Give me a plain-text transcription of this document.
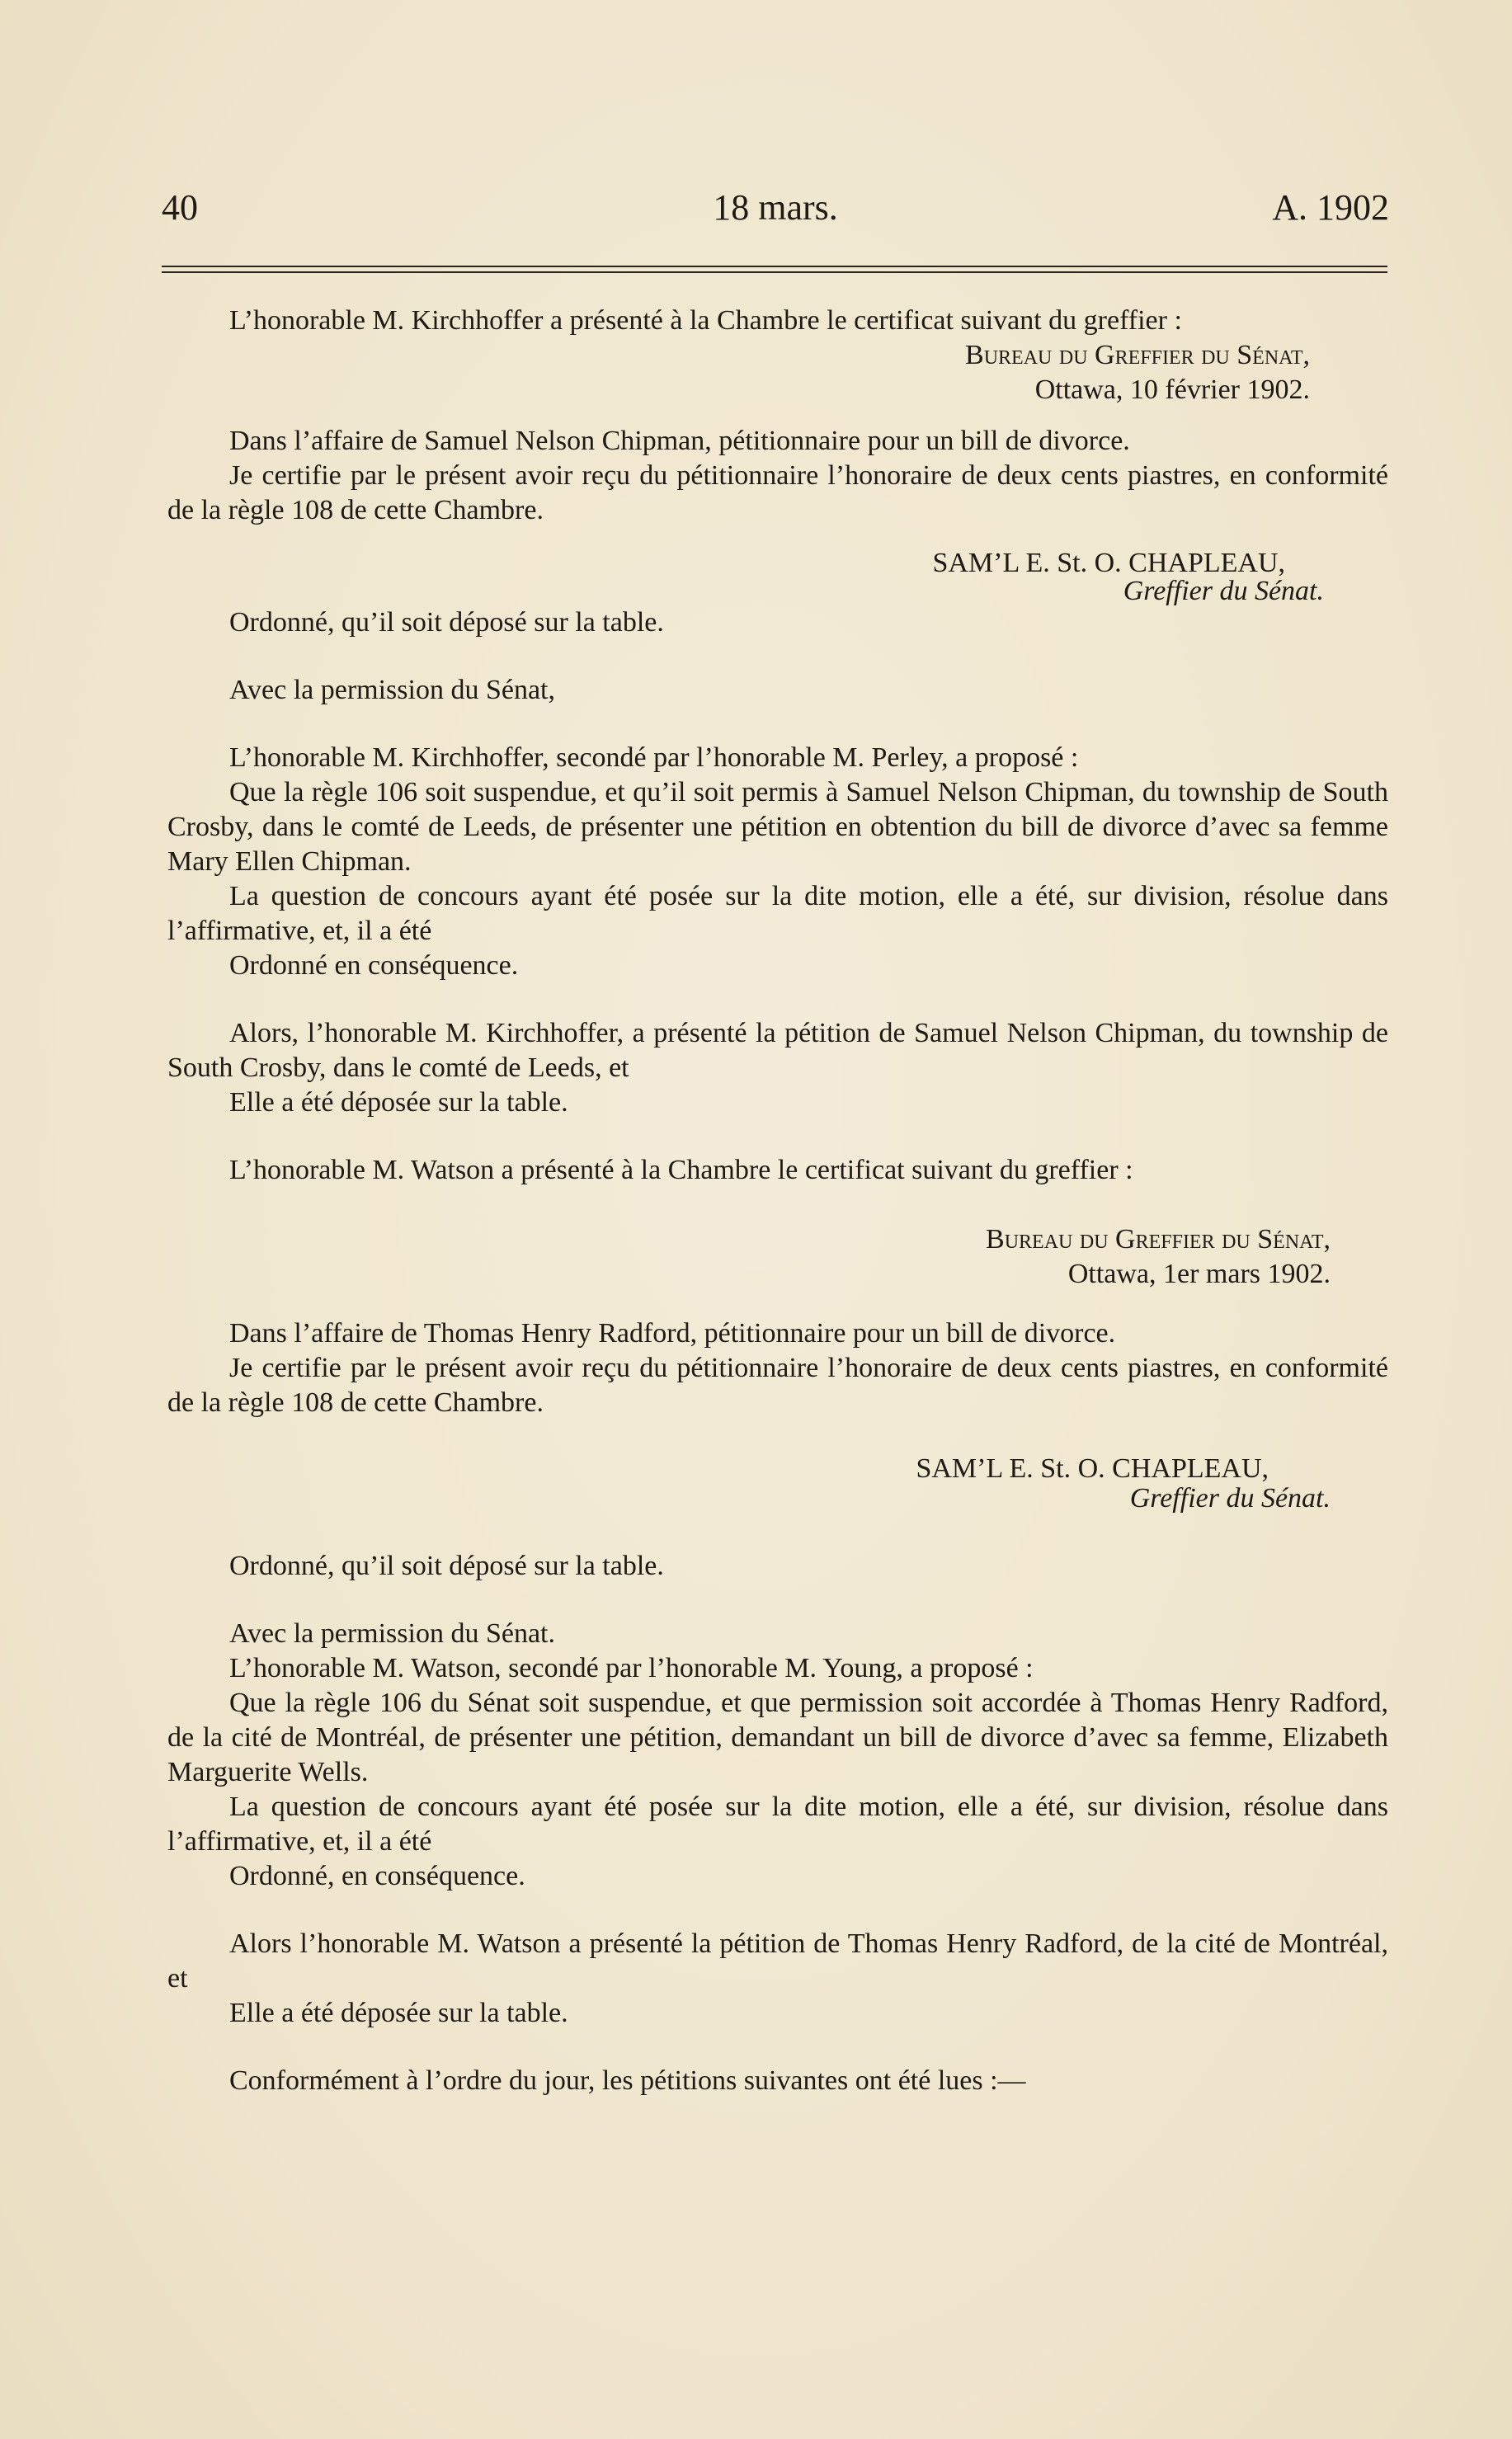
40	18 mars.	A. 1902

L’honorable M. Kirchhoffer a présenté à la Chambre le certificat suivant du greffier :

Bureau du Greffier du Sénat,

Ottawa, 10 février 1902.

Dans l’affaire de Samuel Nelson Chipman, pétitionnaire pour un bill de divorce.

Je certifie par le présent avoir reçu du pétitionnaire l’honoraire de deux cents piastres, en conformité de la règle 108 de cette Chambre.

SAM’L E. St. O. CHAPLEAU,

Greffier du Sénat.

Ordonné, qu’il soit déposé sur la table.

Avec la permission du Sénat,

L’honorable M. Kirchhoffer, secondé par l’honorable M. Perley, a proposé :

Que la règle 106 soit suspendue, et qu’il soit permis à Samuel Nelson Chipman, du township de South Crosby, dans le comté de Leeds, de présenter une pétition en obtention du bill de divorce d’avec sa femme Mary Ellen Chipman.

La question de concours ayant été posée sur la dite motion, elle a été, sur division, résolue dans l’affirmative, et, il a été

Ordonné en conséquence.

Alors, l’honorable M. Kirchhoffer, a présenté la pétition de Samuel Nelson Chipman, du township de South Crosby, dans le comté de Leeds, et

Elle a été déposée sur la table.

L’honorable M. Watson a présenté à la Chambre le certificat suivant du greffier :

Bureau du Greffier du Sénat,

Ottawa, 1er mars 1902.

Dans l’affaire de Thomas Henry Radford, pétitionnaire pour un bill de divorce.

Je certifie par le présent avoir reçu du pétitionnaire l’honoraire de deux cents piastres, en conformité de la règle 108 de cette Chambre.

SAM’L E. St. O. CHAPLEAU,

Greffier du Sénat.

Ordonné, qu’il soit déposé sur la table.

Avec la permission du Sénat.

L’honorable M. Watson, secondé par l’honorable M. Young, a proposé :

Que la règle 106 du Sénat soit suspendue, et que permission soit accordée à Thomas Henry Radford, de la cité de Montréal, de présenter une pétition, demandant un bill de divorce d’avec sa femme, Elizabeth Marguerite Wells.

La question de concours ayant été posée sur la dite motion, elle a été, sur division, résolue dans l’affirmative, et, il a été

Ordonné, en conséquence.

Alors l’honorable M. Watson a présenté la pétition de Thomas Henry Radford, de la cité de Montréal, et

Elle a été déposée sur la table.

Conformément à l’ordre du jour, les pétitions suivantes ont été lues :—
